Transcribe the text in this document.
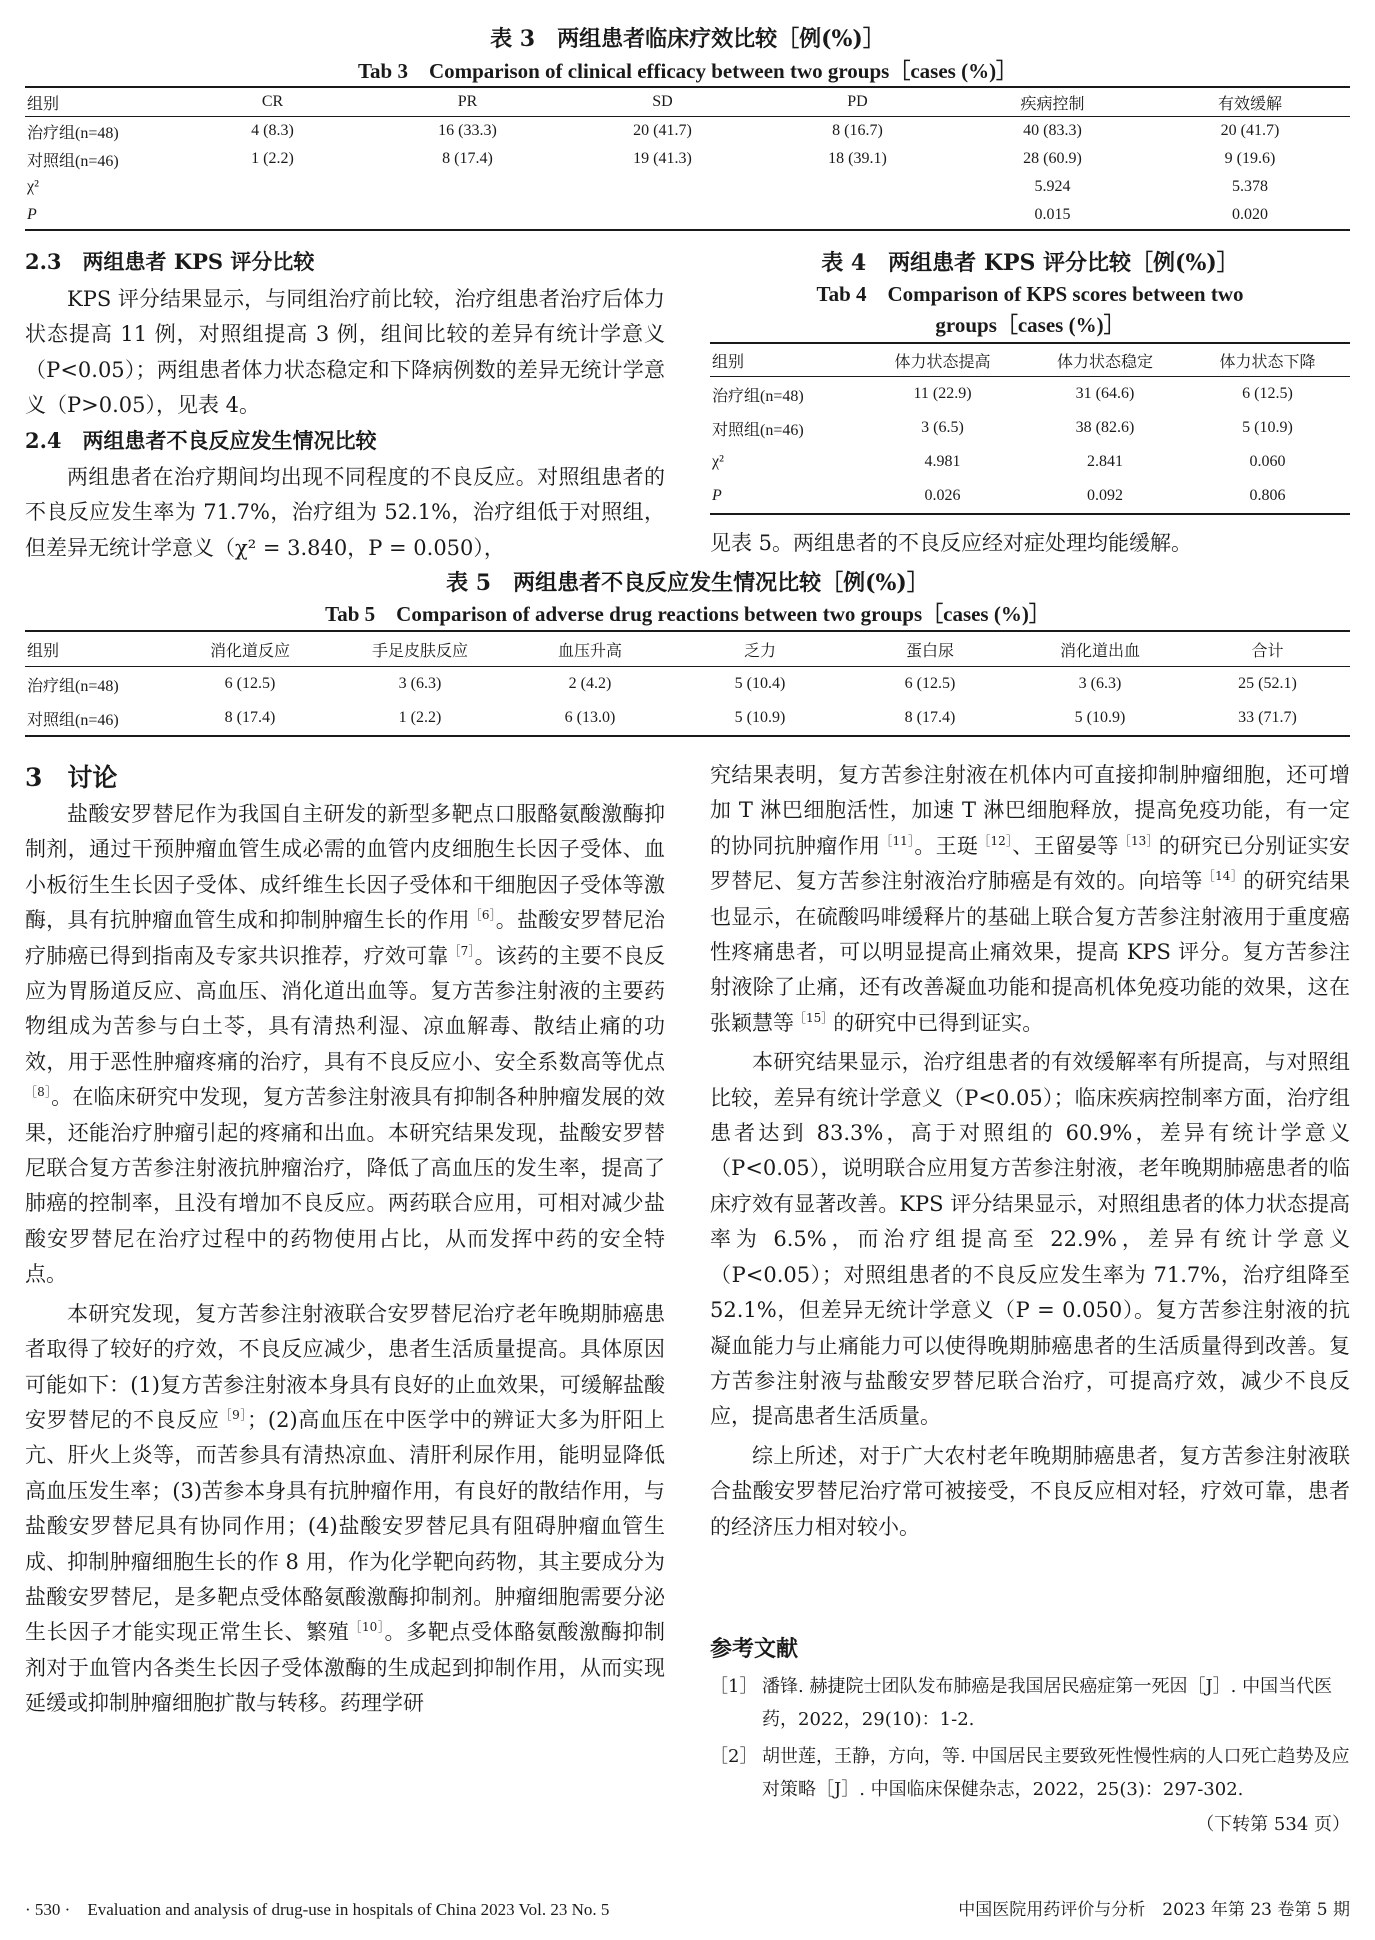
表 3　两组患者临床疗效比较［例(%)］
Tab 3　Comparison of clinical efficacy between two groups［cases (%)］
组别	CR	PR	SD	PD	疾病控制	有效缓解
治疗组(n=48)	4 (8.3)	16 (33.3)	20 (41.7)	8 (16.7)	40 (83.3)	20 (41.7)
对照组(n=46)	1 (2.2)	8 (17.4)	19 (41.3)	18 (39.1)	28 (60.9)	9 (19.6)
χ²					5.924	5.378
P					0.015	0.020
2.3　两组患者 KPS 评分比较

KPS 评分结果显示，与同组治疗前比较，治疗组患者治疗后体力状态提高 11 例，对照组提高 3 例，组间比较的差异有统计学意义（P<0.05）；两组患者体力状态稳定和下降病例数的差异无统计学意义（P>0.05），见表 4。

2.4　两组患者不良反应发生情况比较

两组患者在治疗期间均出现不同程度的不良反应。对照组患者的不良反应发生率为 71.7%，治疗组为 52.1%，治疗组低于对照组，但差异无统计学意义（χ² = 3.840，P = 0.050），

表 4　两组患者 KPS 评分比较［例(%)］
Tab 4　Comparison of KPS scores between two
groups［cases (%)］
组别	体力状态提高	体力状态稳定	体力状态下降
治疗组(n=48)	11 (22.9)	31 (64.6)	6 (12.5)
对照组(n=46)	3 (6.5)	38 (82.6)	5 (10.9)
χ²	4.981	2.841	0.060
P	0.026	0.092	0.806
见表 5。两组患者的不良反应经对症处理均能缓解。
表 5　两组患者不良反应发生情况比较［例(%)］
Tab 5　Comparison of adverse drug reactions between two groups［cases (%)］
组别	消化道反应	手足皮肤反应	血压升高	乏力	蛋白尿	消化道出血	合计
治疗组(n=48)	6 (12.5)	3 (6.3)	2 (4.2)	5 (10.4)	6 (12.5)	3 (6.3)	25 (52.1)
对照组(n=46)	8 (17.4)	1 (2.2)	6 (13.0)	5 (10.9)	8 (17.4)	5 (10.9)	33 (71.7)
3　讨论

盐酸安罗替尼作为我国自主研发的新型多靶点口服酪氨酸激酶抑制剂，通过干预肿瘤血管生成必需的血管内皮细胞生长因子受体、血小板衍生生长因子受体、成纤维生长因子受体和干细胞因子受体等激酶，具有抗肿瘤血管生成和抑制肿瘤生长的作用$^{[6]}$。盐酸安罗替尼治疗肺癌已得到指南及专家共识推荐，疗效可靠$^{[7]}$。该药的主要不良反应为胃肠道反应、高血压、消化道出血等。复方苦参注射液的主要药物组成为苦参与白土苓，具有清热利湿、凉血解毒、散结止痛的功效，用于恶性肿瘤疼痛的治疗，具有不良反应小、安全系数高等优点$^{[8]}$。在临床研究中发现，复方苦参注射液具有抑制各种肿瘤发展的效果，还能治疗肿瘤引起的疼痛和出血。本研究结果发现，盐酸安罗替尼联合复方苦参注射液抗肿瘤治疗，降低了高血压的发生率，提高了肺癌的控制率，且没有增加不良反应。两药联合应用，可相对减少盐酸安罗替尼在治疗过程中的药物使用占比，从而发挥中药的安全特点。

本研究发现，复方苦参注射液联合安罗替尼治疗老年晚期肺癌患者取得了较好的疗效，不良反应减少，患者生活质量提高。具体原因可能如下：(1)复方苦参注射液本身具有良好的止血效果，可缓解盐酸安罗替尼的不良反应$^{[9]}$；(2)高血压在中医学中的辨证大多为肝阳上亢、肝火上炎等，而苦参具有清热凉血、清肝利尿作用，能明显降低高血压发生率；(3)苦参本身具有抗肿瘤作用，有良好的散结作用，与盐酸安罗替尼具有协同作用；(4)盐酸安罗替尼具有阻碍肿瘤血管生成、抑制肿瘤细胞生长的作 8 用，作为化学靶向药物，其主要成分为盐酸安罗替尼，是多靶点受体酪氨酸激酶抑制剂。肿瘤细胞需要分泌生长因子才能实现正常生长、繁殖$^{[10]}$。多靶点受体酪氨酸激酶抑制剂对于血管内各类生长因子受体激酶的生成起到抑制作用，从而实现延缓或抑制肿瘤细胞扩散与转移。药理学研

究结果表明，复方苦参注射液在机体内可直接抑制肿瘤细胞，还可增加 T 淋巴细胞活性，加速 T 淋巴细胞释放，提高免疫功能，有一定的协同抗肿瘤作用$^{[11]}$。王珽$^{[12]}$、王留晏等$^{[13]}$的研究已分别证实安罗替尼、复方苦参注射液治疗肺癌是有效的。向培等$^{[14]}$的研究结果也显示，在硫酸吗啡缓释片的基础上联合复方苦参注射液用于重度癌性疼痛患者，可以明显提高止痛效果，提高 KPS 评分。复方苦参注射液除了止痛，还有改善凝血功能和提高机体免疫功能的效果，这在张颖慧等$^{[15]}$的研究中已得到证实。

本研究结果显示，治疗组患者的有效缓解率有所提高，与对照组比较，差异有统计学意义（P<0.05）；临床疾病控制率方面，治疗组患者达到 83.3%，高于对照组的 60.9%，差异有统计学意义（P<0.05），说明联合应用复方苦参注射液，老年晚期肺癌患者的临床疗效有显著改善。KPS 评分结果显示，对照组患者的体力状态提高率为 6.5%，而治疗组提高至 22.9%，差异有统计学意义（P<0.05）；对照组患者的不良反应发生率为 71.7%，治疗组降至 52.1%，但差异无统计学意义（P = 0.050）。复方苦参注射液的抗凝血能力与止痛能力可以使得晚期肺癌患者的生活质量得到改善。复方苦参注射液与盐酸安罗替尼联合治疗，可提高疗效，减少不良反应，提高患者生活质量。

综上所述，对于广大农村老年晚期肺癌患者，复方苦参注射液联合盐酸安罗替尼治疗常可被接受，不良反应相对轻，疗效可靠，患者的经济压力相对较小。

参考文献
［1］ 潘锋. 赫捷院士团队发布肺癌是我国居民癌症第一死因［J］. 中国当代医药，2022，29(10)：1-2.
［2］ 胡世莲，王静，方向，等. 中国居民主要致死性慢性病的人口死亡趋势及应对策略［J］. 中国临床保健杂志，2022，25(3)：297-302.
（下转第 534 页）
· 530 ·　Evaluation and analysis of drug-use in hospitals of China 2023 Vol. 23 No. 5	中国医院用药评价与分析　2023 年第 23 卷第 5 期
